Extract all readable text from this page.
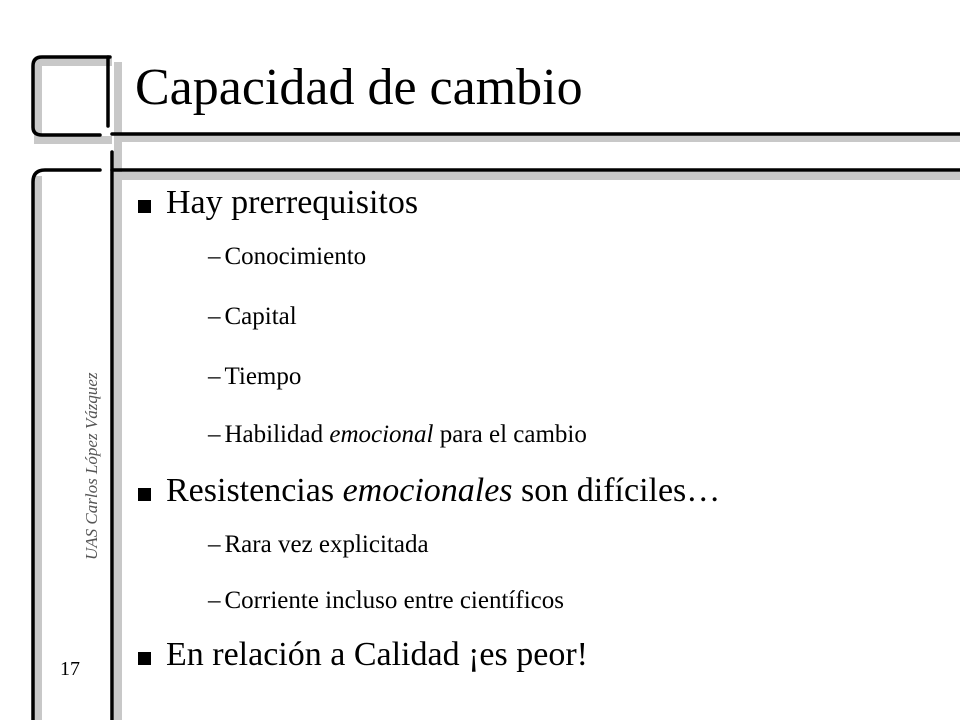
Capacidad de cambio
Hay prerrequisitos
– Conocimiento
– Capital
– Tiempo
– Habilidad emocional para el cambio
Resistencias emocionales son difíciles…
– Rara vez explicitada
– Corriente incluso entre científicos
En relación a Calidad ¡es peor!
UAS Carlos López Vázquez
17
